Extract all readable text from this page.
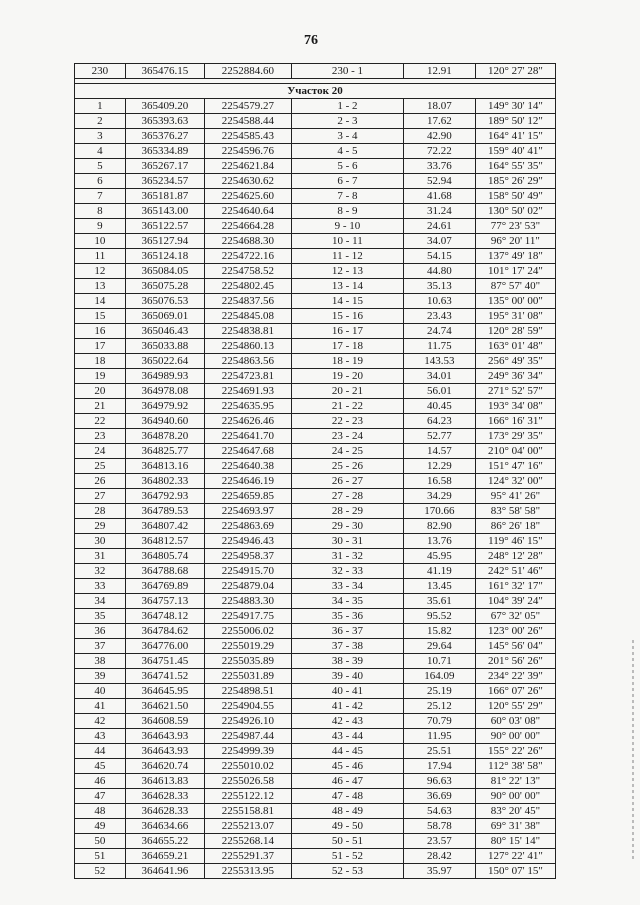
76
230	365476.15	2252884.60	230 - 1	12.91	120° 27' 28"

Участок 20					
1	365409.20	2254579.27	1 - 2	18.07	149° 30' 14"
2	365393.63	2254588.44	2 - 3	17.62	189° 50' 12"
3	365376.27	2254585.43	3 - 4	42.90	164° 41' 15"
4	365334.89	2254596.76	4 - 5	72.22	159° 40' 41"
5	365267.17	2254621.84	5 - 6	33.76	164° 55' 35"
6	365234.57	2254630.62	6 - 7	52.94	185° 26' 29"
7	365181.87	2254625.60	7 - 8	41.68	158° 50' 49"
8	365143.00	2254640.64	8 - 9	31.24	130° 50' 02"
9	365122.57	2254664.28	9 - 10	24.61	77° 23' 53"
10	365127.94	2254688.30	10 - 11	34.07	96° 20' 11"
11	365124.18	2254722.16	11 - 12	54.15	137° 49' 18"
12	365084.05	2254758.52	12 - 13	44.80	101° 17' 24"
13	365075.28	2254802.45	13 - 14	35.13	87° 57' 40"
14	365076.53	2254837.56	14 - 15	10.63	135° 00' 00"
15	365069.01	2254845.08	15 - 16	23.43	195° 31' 08"
16	365046.43	2254838.81	16 - 17	24.74	120° 28' 59"
17	365033.88	2254860.13	17 - 18	11.75	163° 01' 48"
18	365022.64	2254863.56	18 - 19	143.53	256° 49' 35"
19	364989.93	2254723.81	19 - 20	34.01	249° 36' 34"
20	364978.08	2254691.93	20 - 21	56.01	271° 52' 57"
21	364979.92	2254635.95	21 - 22	40.45	193° 34' 08"
22	364940.60	2254626.46	22 - 23	64.23	166° 16' 31"
23	364878.20	2254641.70	23 - 24	52.77	173° 29' 35"
24	364825.77	2254647.68	24 - 25	14.57	210° 04' 00"
25	364813.16	2254640.38	25 - 26	12.29	151° 47' 16"
26	364802.33	2254646.19	26 - 27	16.58	124° 32' 00"
27	364792.93	2254659.85	27 - 28	34.29	95° 41' 26"
28	364789.53	2254693.97	28 - 29	170.66	83° 58' 58"
29	364807.42	2254863.69	29 - 30	82.90	86° 26' 18"
30	364812.57	2254946.43	30 - 31	13.76	119° 46' 15"
31	364805.74	2254958.37	31 - 32	45.95	248° 12' 28"
32	364788.68	2254915.70	32 - 33	41.19	242° 51' 46"
33	364769.89	2254879.04	33 - 34	13.45	161° 32' 17"
34	364757.13	2254883.30	34 - 35	35.61	104° 39' 24"
35	364748.12	2254917.75	35 - 36	95.52	67° 32' 05"
36	364784.62	2255006.02	36 - 37	15.82	123° 00' 26"
37	364776.00	2255019.29	37 - 38	29.64	145° 56' 04"
38	364751.45	2255035.89	38 - 39	10.71	201° 56' 26"
39	364741.52	2255031.89	39 - 40	164.09	234° 22' 39"
40	364645.95	2254898.51	40 - 41	25.19	166° 07' 26"
41	364621.50	2254904.55	41 - 42	25.12	120° 55' 29"
42	364608.59	2254926.10	42 - 43	70.79	60° 03' 08"
43	364643.93	2254987.44	43 - 44	11.95	90° 00' 00"
44	364643.93	2254999.39	44 - 45	25.51	155° 22' 26"
45	364620.74	2255010.02	45 - 46	17.94	112° 38' 58"
46	364613.83	2255026.58	46 - 47	96.63	81° 22' 13"
47	364628.33	2255122.12	47 - 48	36.69	90° 00' 00"
48	364628.33	2255158.81	48 - 49	54.63	83° 20' 45"
49	364634.66	2255213.07	49 - 50	58.78	69° 31' 38"
50	364655.22	2255268.14	50 - 51	23.57	80° 15' 14"
51	364659.21	2255291.37	51 - 52	28.42	127° 22' 41"
52	364641.96	2255313.95	52 - 53	35.97	150° 07' 15"
